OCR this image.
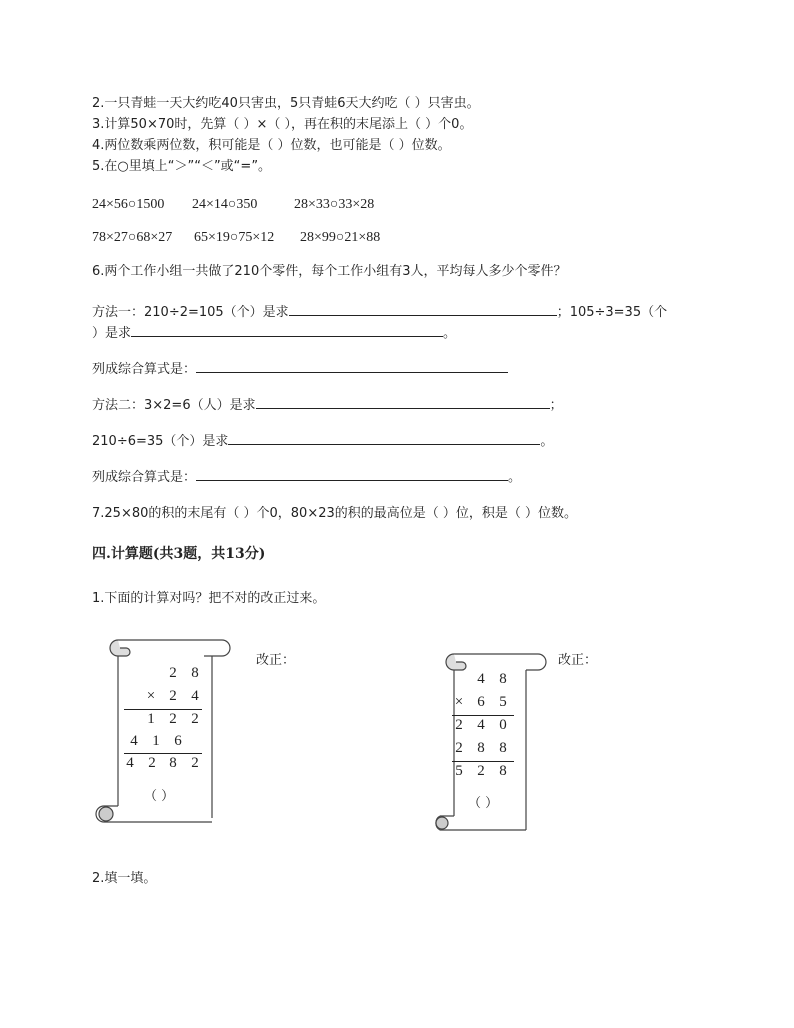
2.一只青蛙一天大约吃40只害虫，5只青蛙6天大约吃（ ）只害虫。
3.计算50×70时，先算（ ）×（ ），再在积的末尾添上（ ）个0。
4.两位数乘两位数，积可能是（ ）位数，也可能是（ ）位数。
5.在○里填上“＞”“＜”或“=”。
24×56○1500 24×14○350	28×33○33×28
78×27○68×27 65×19○75×12 28×99○21×88
6.两个工作小组一共做了210个零件，每个工作小组有3人，平均每人多少个零件？
方法一：210÷2=105（个）是求	；105÷3=35（个
）是求	。
列成综合算式是：
方法二：3×2=6（人）是求	；
210÷6=35（个）是求	。
列成综合算式是：	。
7.25×80的积的末尾有（ ）个0，80×23的积的最高位是（ ）位，积是（ ）位数。
四.计算题(共3题，共13分)
1.下面的计算对吗？把不对的改正过来。
2 8
× 2 4
1 2 2
4 1 6
4 2 8 2
（ ）
改正：
4 8
× 6 5
2 4 0
2 8 8
5 2 8
（ ）
改正：
2.填一填。
